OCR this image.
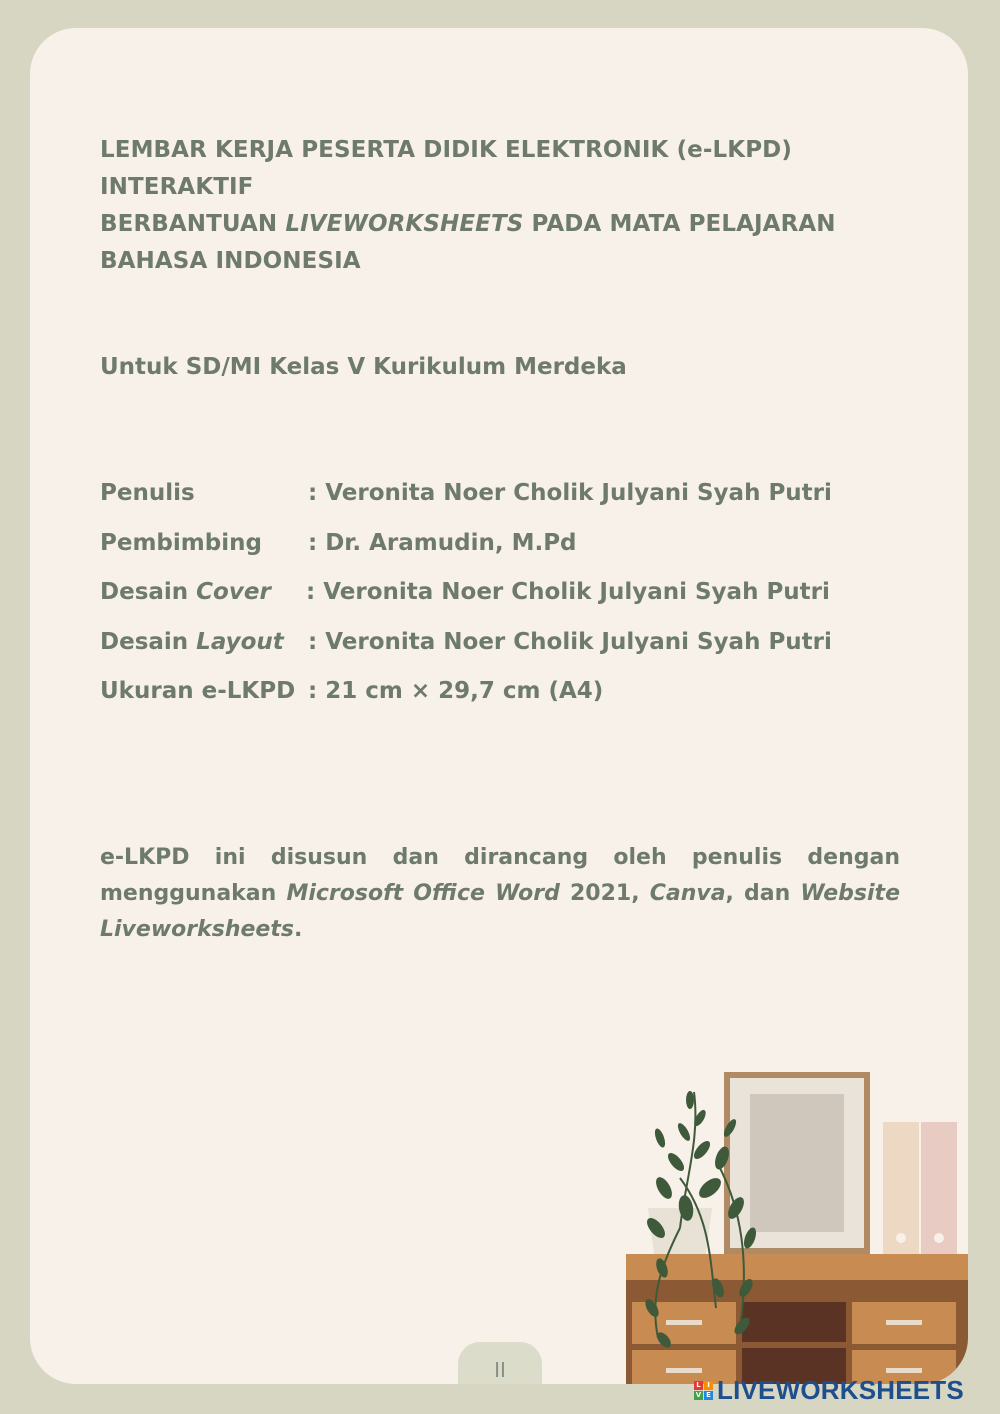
LEMBAR KERJA PESERTA DIDIK ELEKTRONIK (e-LKPD) INTERAKTIF
BERBANTUAN LIVEWORKSHEETS PADA MATA PELAJARAN
BAHASA INDONESIA
Untuk SD/MI Kelas V Kurikulum Merdeka
Penulis	: Veronita Noer Cholik Julyani Syah Putri
Pembimbing	: Dr. Aramudin, M.Pd
Desain Cover	: Veronita Noer Cholik Julyani Syah Putri
Desain Layout	: Veronita Noer Cholik Julyani Syah Putri
Ukuran e-LKPD : 21 cm × 29,7 cm (A4)
e-LKPD ini disusun dan dirancang oleh penulis dengan menggunakan Microsoft Office Word 2021, Canva, dan Website Liveworksheets.
II
L I
V E LIVEWORKSHEETS
